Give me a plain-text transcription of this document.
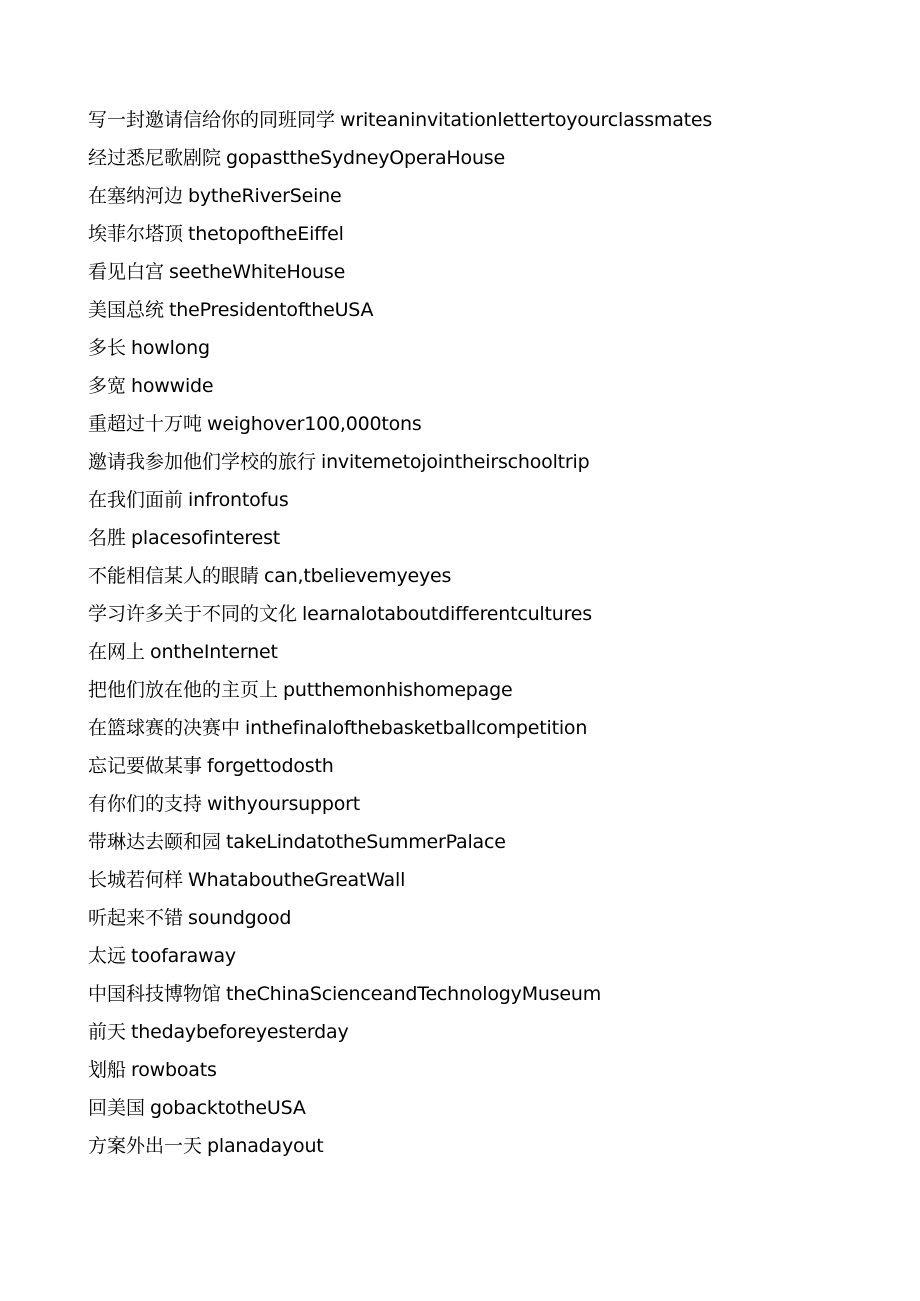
写一封邀请信给你的同班同学 writeaninvitationlettertoyourclassmates
经过悉尼歌剧院 gopasttheSydneyOperaHouse
在塞纳河边 bytheRiverSeine
埃菲尔塔顶 thetopoftheEiffel
看见白宫 seetheWhiteHouse
美国总统 thePresidentoftheUSA
多长 howlong
多宽 howwide
重超过十万吨 weighover100,000tons
邀请我参加他们学校的旅行 invitemetojointheirschooltrip
在我们面前 infrontofus
名胜 placesofinterest
不能相信某人的眼睛 can,tbelievemyeyes
学习许多关于不同的文化 learnalotaboutdifferentcultures
在网上 ontheInternet
把他们放在他的主页上 putthemonhishomepage
在篮球赛的决赛中 inthefinalofthebasketballcompetition
忘记要做某事 forgettodosth
有你们的支持 withyoursupport
带琳达去颐和园 takeLindatotheSummerPalace
长城若何样 WhataboutheGreatWall
听起来不错 soundgood
太远 toofaraway
中国科技博物馆 theChinaScienceandTechnologyMuseum
前天 thedaybeforeyesterday
划船 rowboats
回美国 gobacktotheUSA
方案外出一天 planadayout
